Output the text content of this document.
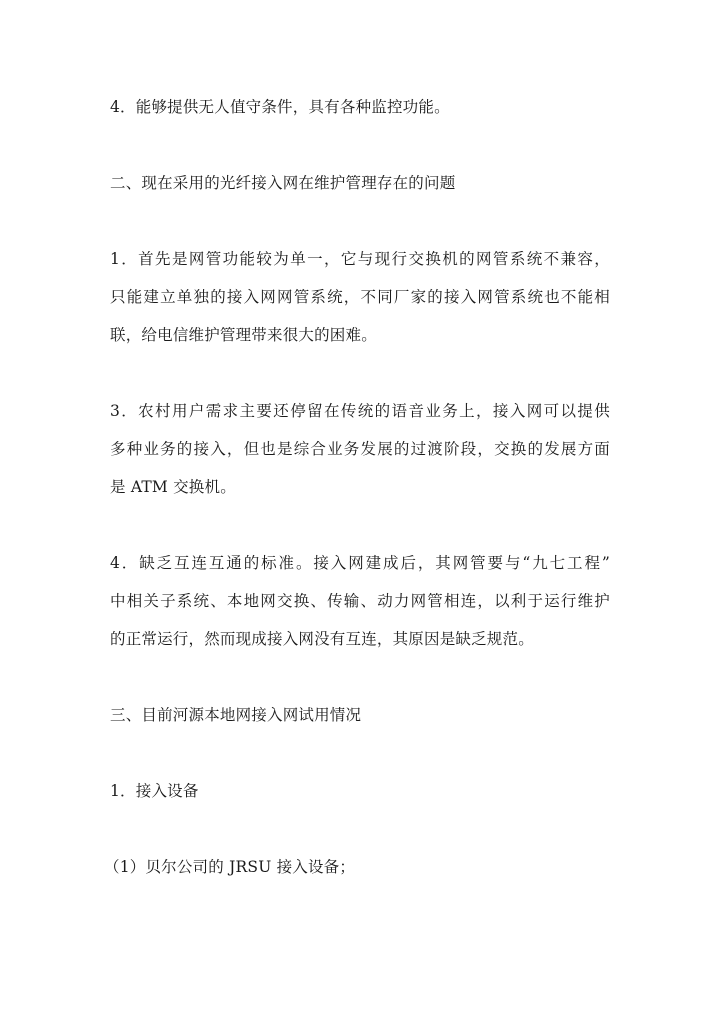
4．能够提供无人值守条件，具有各种监控功能。
二、现在采用的光纤接入网在维护管理存在的问题
1．首先是网管功能较为单一，它与现行交换机的网管系统不兼容，
只能建立单独的接入网网管系统，不同厂家的接入网管系统也不能相
联，给电信维护管理带来很大的困难。
3．农村用户需求主要还停留在传统的语音业务上，接入网可以提供
多种业务的接入，但也是综合业务发展的过渡阶段，交换的发展方面
是 ATM 交换机。
4．缺乏互连互通的标准。接入网建成后，其网管要与“九七工程”
中相关子系统、本地网交换、传输、动力网管相连，以利于运行维护
的正常运行，然而现成接入网没有互连，其原因是缺乏规范。
三、目前河源本地网接入网试用情况
1．接入设备
（1）贝尔公司的 JRSU 接入设备；
